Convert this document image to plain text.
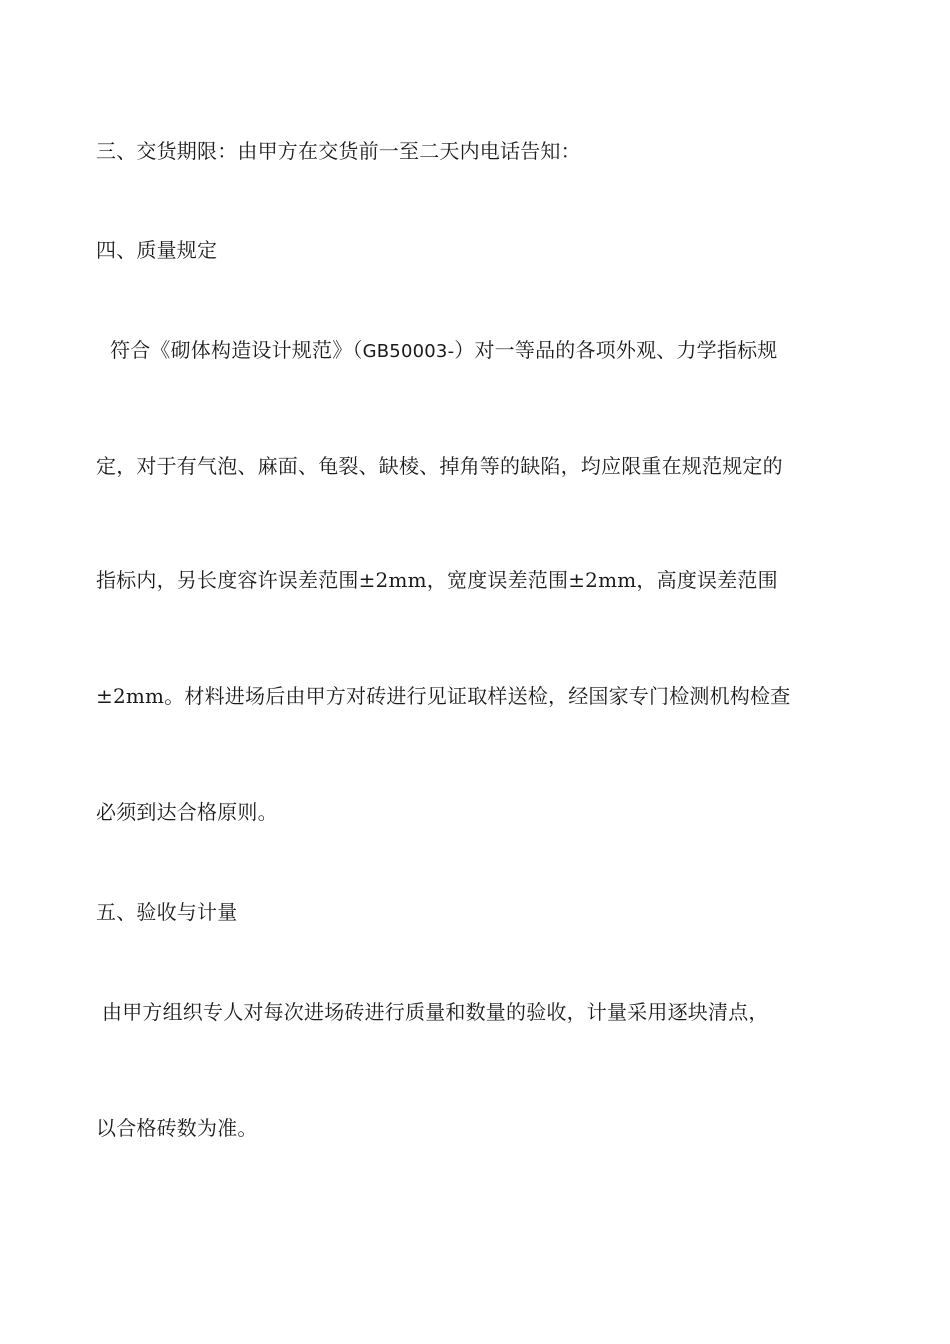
三、交货期限：由甲方在交货前一至二天内电话告知：
四、质量规定
符合《砌体构造设计规范》（GB50003-）对一等品的各项外观、力学指标规
定，对于有气泡、麻面、龟裂、缺棱、掉角等的缺陷，均应限重在规范规定的
指标内，另长度容许误差范围±2mm，宽度误差范围±2mm，高度误差范围
±2mm。材料进场后由甲方对砖进行见证取样送检，经国家专门检测机构检查
必须到达合格原则。
五、验收与计量
由甲方组织专人对每次进场砖进行质量和数量的验收，计量采用逐块清点，
以合格砖数为准。
